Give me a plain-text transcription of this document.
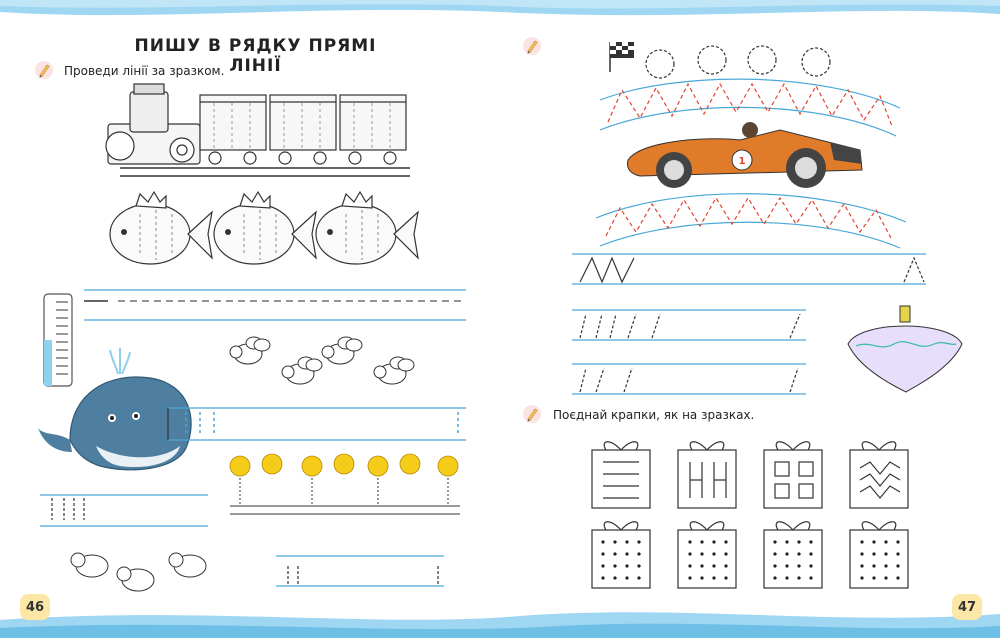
ПИШУ В РЯДКУ ПРЯМІ ЛІНІЇ
Проведи лінії за зразком.
46
1
Поєднай крапки, як на зразках.
47
